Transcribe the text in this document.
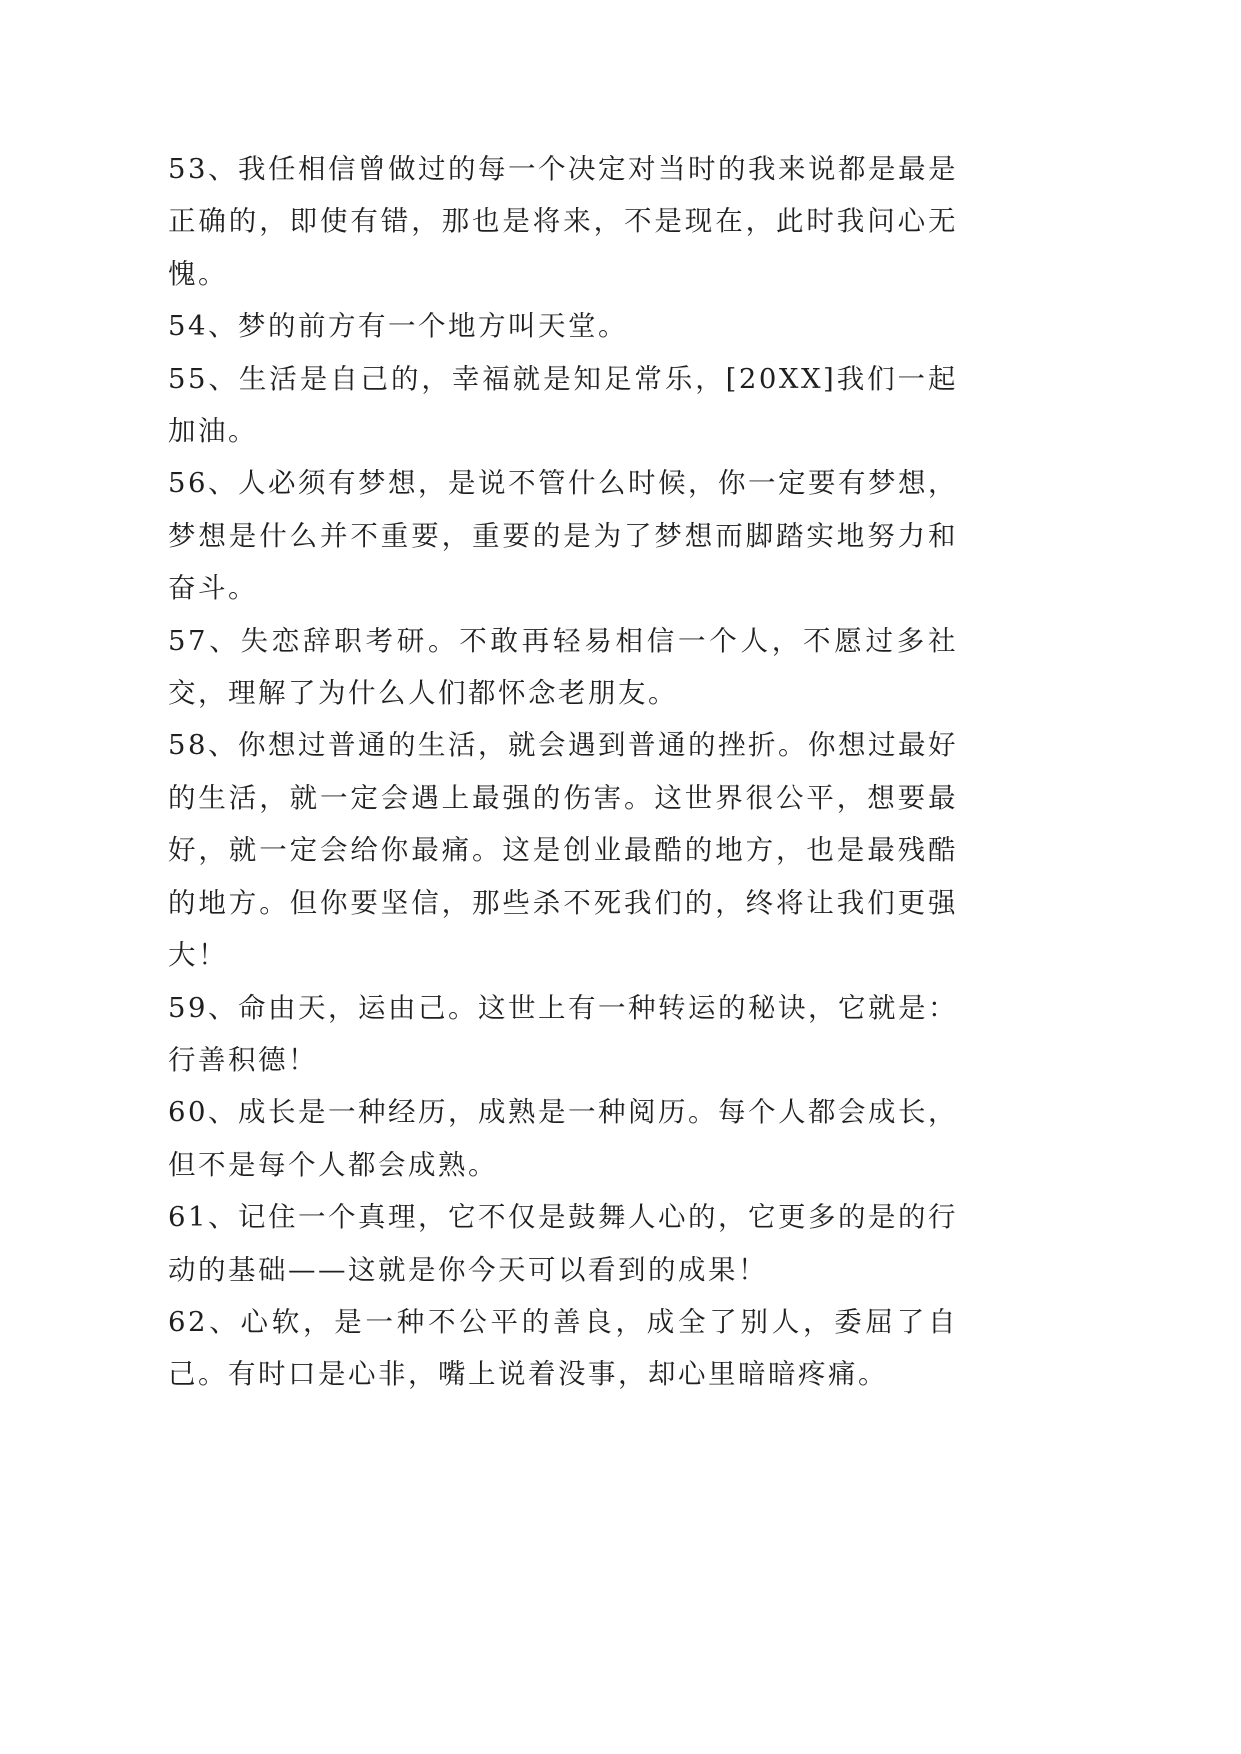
53、我任相信曾做过的每一个决定对当时的我来说都是最是正确的，即使有错，那也是将来，不是现在，此时我问心无愧。

54、梦的前方有一个地方叫天堂。

55、生活是自己的，幸福就是知足常乐，[20XX]我们一起加油。

56、人必须有梦想，是说不管什么时候，你一定要有梦想，梦想是什么并不重要，重要的是为了梦想而脚踏实地努力和奋斗。

57、失恋辞职考研。不敢再轻易相信一个人，不愿过多社交，理解了为什么人们都怀念老朋友。

58、你想过普通的生活，就会遇到普通的挫折。你想过最好的生活，就一定会遇上最强的伤害。这世界很公平，想要最好，就一定会给你最痛。这是创业最酷的地方，也是最残酷的地方。但你要坚信，那些杀不死我们的，终将让我们更强大！

59、命由天，运由己。这世上有一种转运的秘诀，它就是：行善积德！

60、成长是一种经历，成熟是一种阅历。每个人都会成长，但不是每个人都会成熟。

61、记住一个真理，它不仅是鼓舞人心的，它更多的是的行动的基础——这就是你今天可以看到的成果！

62、心软，是一种不公平的善良，成全了别人，委屈了自己。有时口是心非，嘴上说着没事，却心里暗暗疼痛。
